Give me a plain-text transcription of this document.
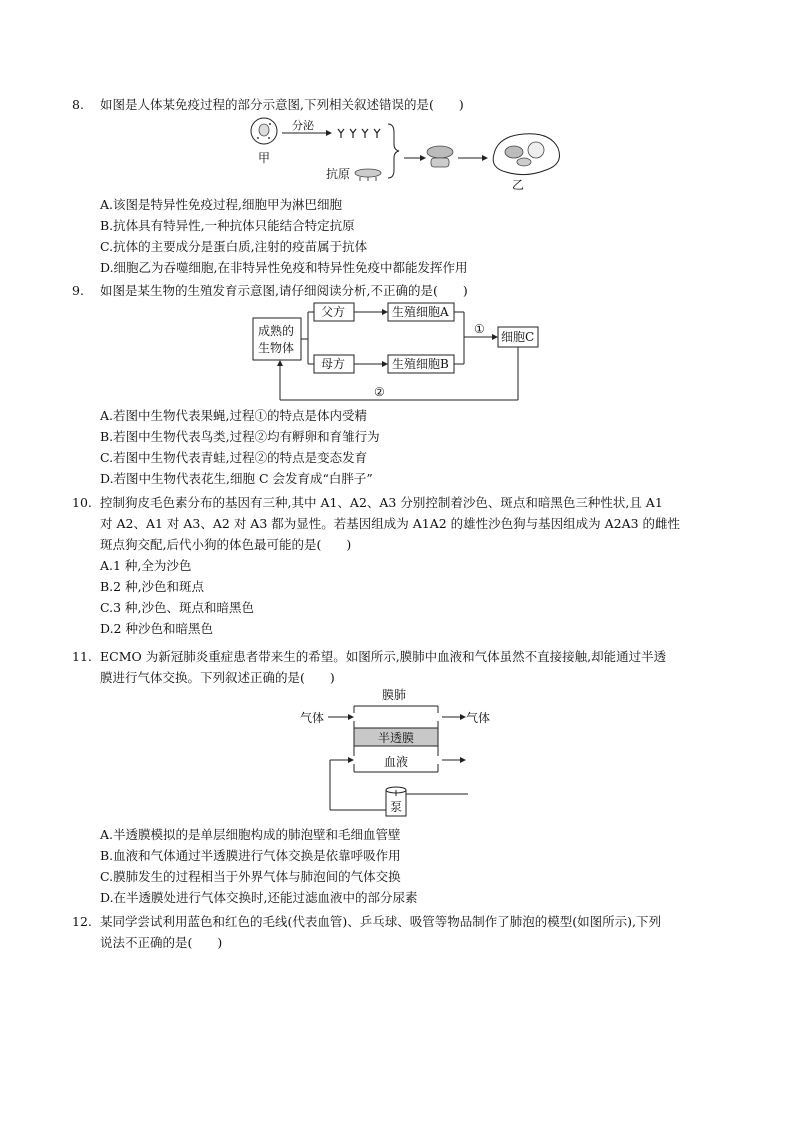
8.	如图是人体某免疫过程的部分示意图,下列相关叙述错误的是(　　)
甲
分泌
抗原
乙
A.该图是特异性免疫过程,细胞甲为淋巴细胞
B.抗体具有特异性,一种抗体只能结合特定抗原
C.抗体的主要成分是蛋白质,注射的疫苗属于抗体
D.细胞乙为吞噬细胞,在非特异性免疫和特异性免疫中都能发挥作用
9.	如图是某生物的生殖发育示意图,请仔细阅读分析,不正确的是(　　)
成熟的
生物体
父方
母方
生殖细胞A
生殖细胞B
①
细胞C
②
A.若图中生物代表果蝇,过程①的特点是体内受精
B.若图中生物代表鸟类,过程②均有孵卵和育雏行为
C.若图中生物代表青蛙,过程②的特点是变态发育
D.若图中生物代表花生,细胞 C 会发育成“白胖子”
10. 控制狗皮毛色素分布的基因有三种,其中 A1、A2、A3 分别控制着沙色、斑点和暗黑色三种性状,且 A1
对 A2、A1 对 A3、A2 对 A3 都为显性。若基因组成为 A1A2 的雄性沙色狗与基因组成为 A2A3 的雌性
斑点狗交配,后代小狗的体色最可能的是(　　)
A.1 种,全为沙色
B.2 种,沙色和斑点
C.3 种,沙色、斑点和暗黑色
D.2 种沙色和暗黑色
11. ECMO 为新冠肺炎重症患者带来生的希望。如图所示,膜肺中血液和气体虽然不直接接触,却能通过半透
膜进行气体交换。下列叙述正确的是(　　)
膜肺
气体	气体
半透膜
血液
泵
A.半透膜模拟的是单层细胞构成的肺泡壁和毛细血管壁
B.血液和气体通过半透膜进行气体交换是依靠呼吸作用
C.膜肺发生的过程相当于外界气体与肺泡间的气体交换
D.在半透膜处进行气体交换时,还能过滤血液中的部分尿素
12. 某同学尝试利用蓝色和红色的毛线(代表血管)、乒乓球、吸管等物品制作了肺泡的模型(如图所示),下列
说法不正确的是(　　)
